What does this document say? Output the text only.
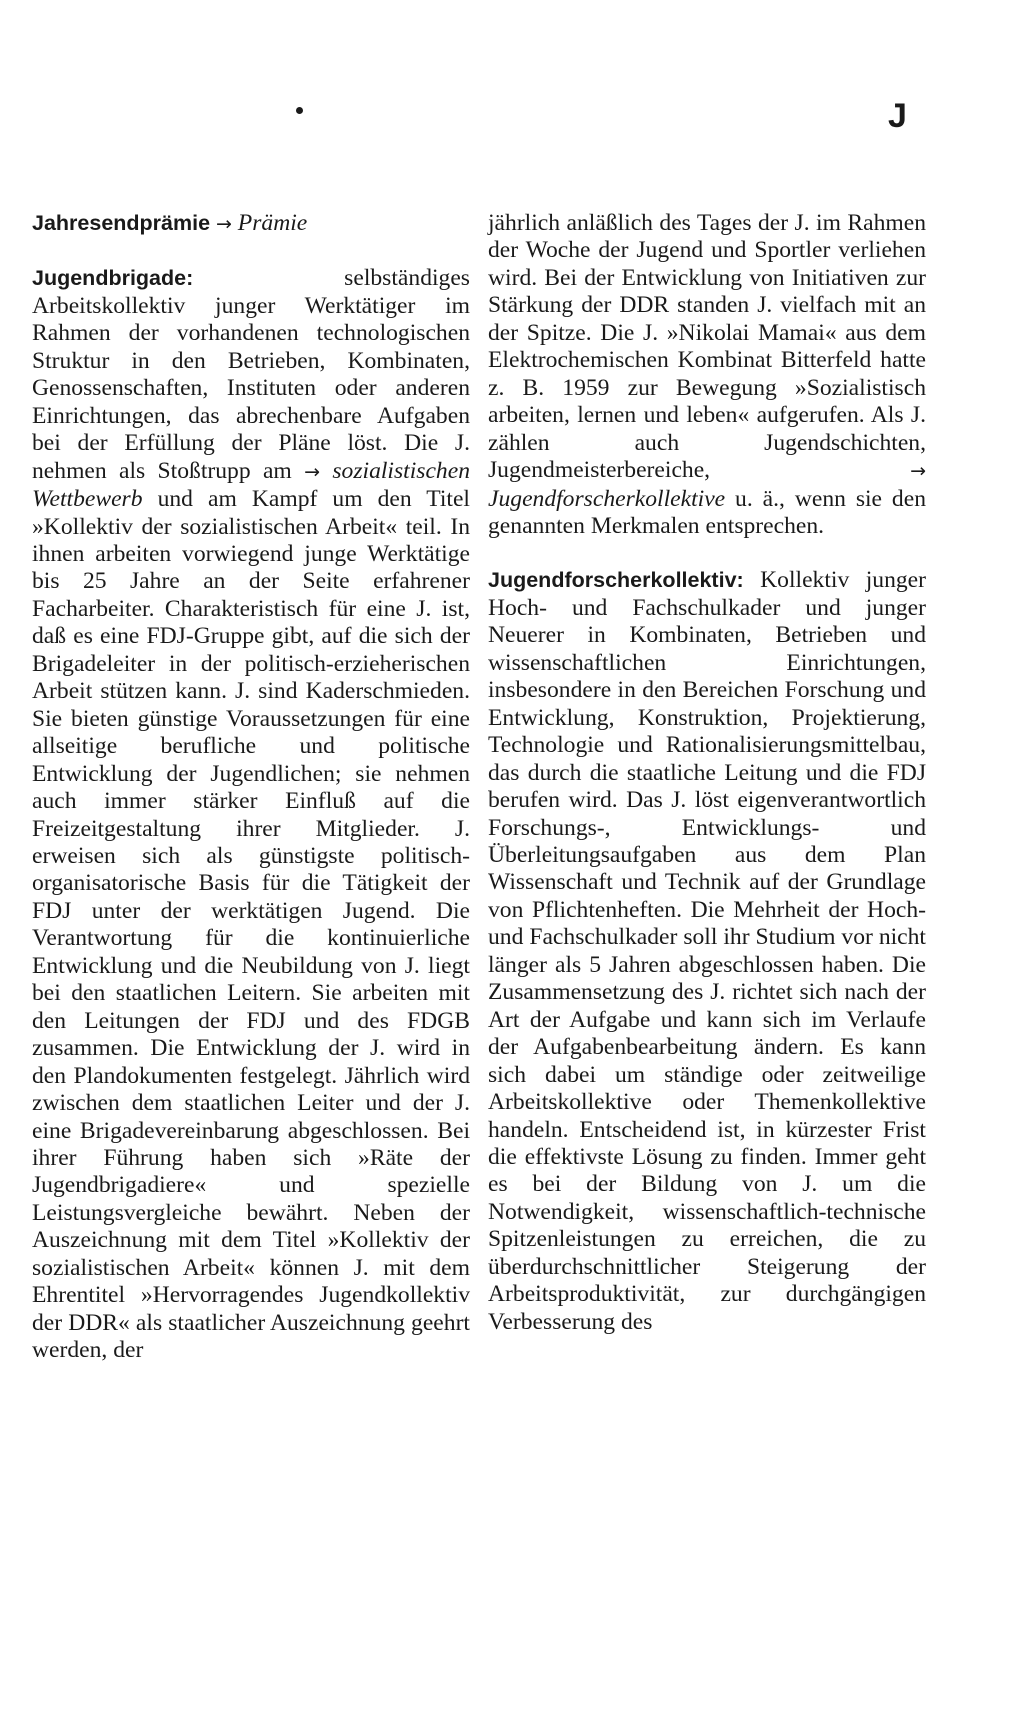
J

Jahresendprämie → Prämie

Jugendbrigade: selbständiges Arbeitskollektiv junger Werktätiger im Rahmen der vorhandenen technologischen Struktur in den Betrieben, Kombinaten, Genossenschaften, Instituten oder anderen Einrichtungen, das abrechenbare Aufgaben bei der Erfüllung der Pläne löst. Die J. nehmen als Stoßtrupp am → sozialistischen Wettbewerb und am Kampf um den Titel »Kollektiv der sozialistischen Arbeit« teil. In ihnen arbeiten vorwiegend junge Werktätige bis 25 Jahre an der Seite erfahrener Facharbeiter. Charakteristisch für eine J. ist, daß es eine FDJ-Gruppe gibt, auf die sich der Brigadeleiter in der politisch-erzieherischen Arbeit stützen kann. J. sind Kaderschmieden. Sie bieten günstige Voraussetzungen für eine allseitige berufliche und politische Entwicklung der Jugendlichen; sie nehmen auch immer stärker Einfluß auf die Freizeitgestaltung ihrer Mitglieder. J. erweisen sich als günstigste politisch-organisatorische Basis für die Tätigkeit der FDJ unter der werktätigen Jugend. Die Verantwortung für die kontinuierliche Entwicklung und die Neubildung von J. liegt bei den staatlichen Leitern. Sie arbeiten mit den Leitungen der FDJ und des FDGB zusammen. Die Entwicklung der J. wird in den Plandokumenten festgelegt. Jährlich wird zwischen dem staatlichen Leiter und der J. eine Brigadevereinbarung abgeschlossen. Bei ihrer Führung haben sich »Räte der Jugendbrigadiere« und spezielle Leistungsvergleiche bewährt. Neben der Auszeichnung mit dem Titel »Kollektiv der sozialistischen Arbeit« können J. mit dem Ehrentitel »Hervorragendes Jugendkollektiv der DDR« als staatlicher Auszeichnung geehrt werden, der

jährlich anläßlich des Tages der J. im Rahmen der Woche der Jugend und Sportler verliehen wird. Bei der Entwicklung von Initiativen zur Stärkung der DDR standen J. vielfach mit an der Spitze. Die J. »Nikolai Mamai« aus dem Elektrochemischen Kombinat Bitterfeld hatte z. B. 1959 zur Bewegung »Sozialistisch arbeiten, lernen und leben« aufgerufen. Als J. zählen auch Jugendschichten, Jugendmeisterbereiche, → Jugendforscherkollektive u. ä., wenn sie den genannten Merkmalen entsprechen.

Jugendforscherkollektiv: Kollektiv junger Hoch- und Fachschulkader und junger Neuerer in Kombinaten, Betrieben und wissenschaftlichen Einrichtungen, insbesondere in den Bereichen Forschung und Entwicklung, Konstruktion, Projektierung, Technologie und Rationalisierungsmittelbau, das durch die staatliche Leitung und die FDJ berufen wird. Das J. löst eigenverantwortlich Forschungs-, Entwicklungs- und Überleitungsaufgaben aus dem Plan Wissenschaft und Technik auf der Grundlage von Pflichtenheften. Die Mehrheit der Hoch- und Fachschulkader soll ihr Studium vor nicht länger als 5 Jahren abgeschlossen haben. Die Zusammensetzung des J. richtet sich nach der Art der Aufgabe und kann sich im Verlaufe der Aufgabenbearbeitung ändern. Es kann sich dabei um ständige oder zeitweilige Arbeitskollektive oder Themenkollektive handeln. Entscheidend ist, in kürzester Frist die effektivste Lösung zu finden. Immer geht es bei der Bildung von J. um die Notwendigkeit, wissenschaftlich-technische Spitzenleistungen zu erreichen, die zu überdurchschnittlicher Steigerung der Arbeitsproduktivität, zur durchgängigen Verbesserung des
